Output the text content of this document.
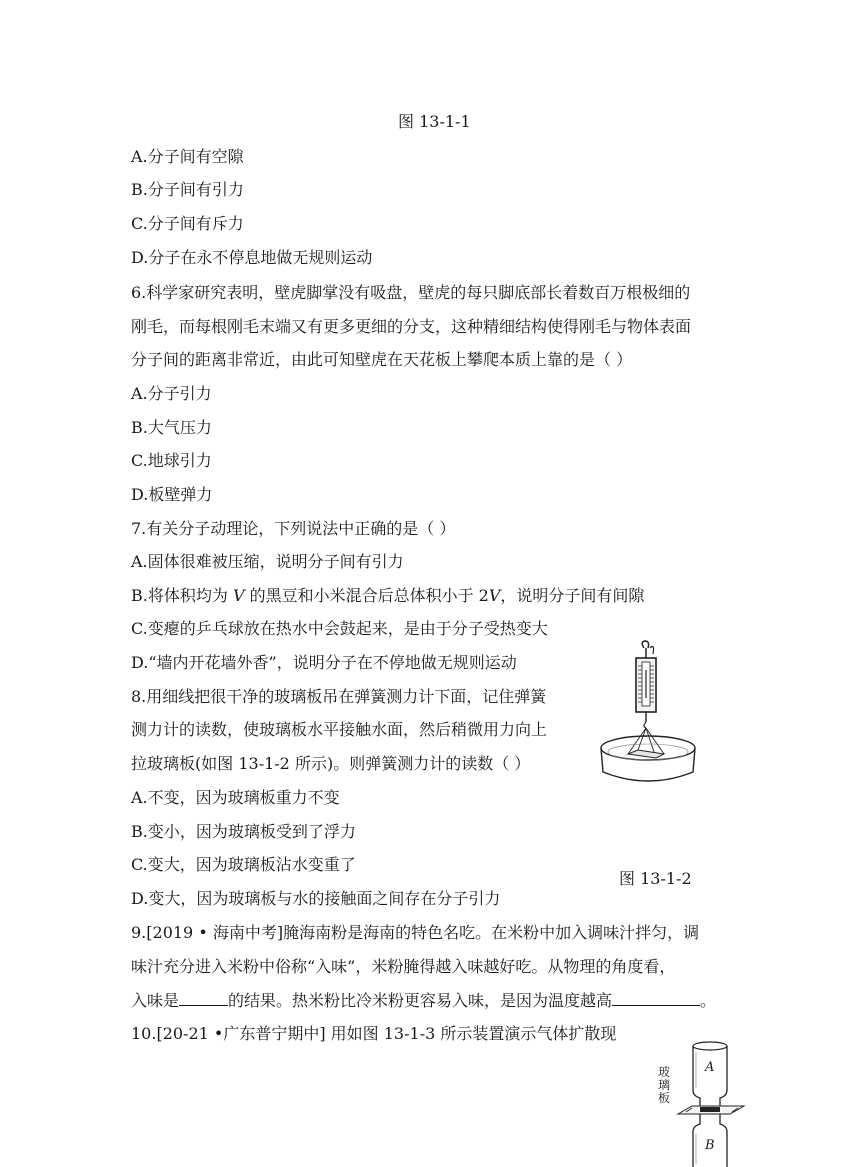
图 13-1-1
A.分子间有空隙
B.分子间有引力
C.分子间有斥力
D.分子在永不停息地做无规则运动
6.科学家研究表明，壁虎脚掌没有吸盘，壁虎的每只脚底部长着数百万根极细的
刚毛，而每根刚毛末端又有更多更细的分支，这种精细结构使得刚毛与物体表面
分子间的距离非常近，由此可知壁虎在天花板上攀爬本质上靠的是（ ）
A.分子引力
B.大气压力
C.地球引力
D.板壁弹力
7.有关分子动理论，下列说法中正确的是（ ）
A.固体很难被压缩，说明分子间有引力
B.将体积均为 V 的黑豆和小米混合后总体积小于 2V，说明分子间有间隙
C.变瘪的乒乓球放在热水中会鼓起来，是由于分子受热变大
D.“墙内开花墙外香”，说明分子在不停地做无规则运动
8.用细线把很干净的玻璃板吊在弹簧测力计下面，记住弹簧
测力计的读数，使玻璃板水平接触水面，然后稍微用力向上
拉玻璃板(如图 13-1-2 所示)。则弹簧测力计的读数（ ）
A.不变，因为玻璃板重力不变
B.变小，因为玻璃板受到了浮力
C.变大，因为玻璃板沾水变重了
D.变大，因为玻璃板与水的接触面之间存在分子引力
图 13-1-2
9.[2019 • 海南中考]腌海南粉是海南的特色名吃。在米粉中加入调味汁拌匀，调
味汁充分进入米粉中俗称“入味”，米粉腌得越入味越好吃。从物理的角度看，
入味是	的结果。热米粉比冷米粉更容易入味，是因为温度越高	。
10.[20-21 •广东普宁期中] 用如图 13-1-3 所示装置演示气体扩散现
玻璃板
A
B
